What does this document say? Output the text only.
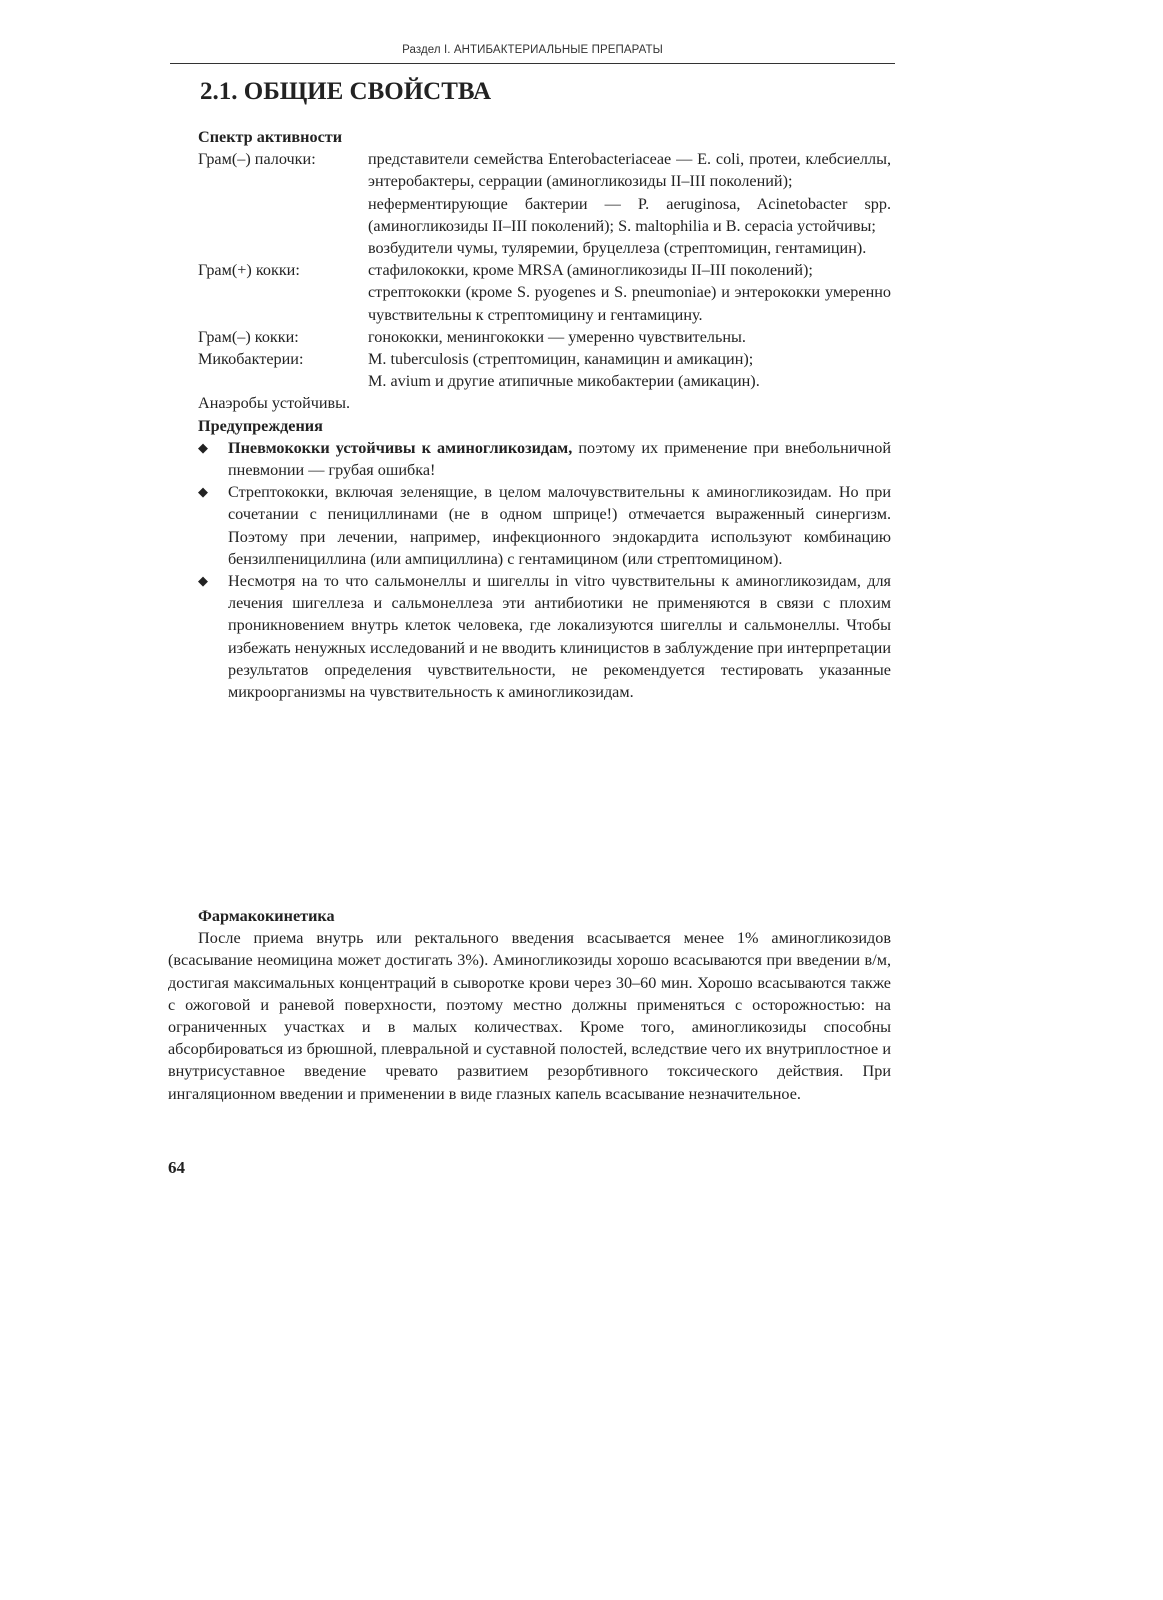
Раздел I. АНТИБАКТЕРИАЛЬНЫЕ ПРЕПАРАТЫ
2.1. ОБЩИЕ СВОЙСТВА

Спектр активности

Грам(–) палочки:	представители семейства Enterobacteriaceae — E. coli, протеи, клебсиеллы, энтеробактеры, серрации (аминогликозиды II–III поколений);

неферментирующие бактерии — P. aeruginosa, Acinetobacter spp. (аминогликозиды II–III поколений); S. maltophilia и B. cepacia устойчивы;

возбудители чумы, туляремии, бруцеллеза (стрептомицин, гентамицин).

Грам(+) кокки:	стафилококки, кроме MRSA (аминогликозиды II–III поколений);

стрептококки (кроме S. pyogenes и S. pneumoniae) и энтерококки умеренно чувствительны к стрептомицину и гентамицину.

Грам(–) кокки:	гонококки, менингококки — умеренно чувствительны.

Микобактерии:	M. tuberculosis (стрептомицин, канамицин и амикацин);

M. avium и другие атипичные микобактерии (амикацин).

Анаэробы устойчивы.

Предупреждения

◆ Пневмококки устойчивы к аминогликозидам, поэтому их применение при внебольничной пневмонии — грубая ошибка!
◆ Стрептококки, включая зеленящие, в целом малочувствительны к аминогликозидам. Но при сочетании с пенициллинами (не в одном шприце!) отмечается выраженный синергизм. Поэтому при лечении, например, инфекционного эндокардита используют комбинацию бензилпенициллина (или ампициллина) с гентамицином (или стрептомицином).
◆ Несмотря на то что сальмонеллы и шигеллы in vitro чувствительны к аминогликозидам, для лечения шигеллеза и сальмонеллеза эти антибиотики не применяются в связи с плохим проникновением внутрь клеток человека, где локализуются шигеллы и сальмонеллы. Чтобы избежать ненужных исследований и не вводить клиницистов в заблуждение при интерпретации результатов определения чувствительности, не рекомендуется тестировать указанные микроорганизмы на чувствительность к аминогликозидам.

Фармакокинетика

После приема внутрь или ректального введения всасывается менее 1% аминогликозидов (всасывание неомицина может достигать 3%). Аминогликозиды хорошо всасываются при введении в/м, достигая максимальных концентраций в сыворотке крови через 30–60 мин. Хорошо всасываются также с ожоговой и раневой поверхности, поэтому местно должны применяться с осторожностью: на ограниченных участках и в малых количествах. Кроме того, аминогликозиды способны абсорбироваться из брюшной, плевральной и суставной полостей, вследствие чего их внутриплостное и внутрисуставное введение чревато развитием резорбтивного токсического действия. При ингаляционном введении и применении в виде глазных капель всасывание незначительное.

64
